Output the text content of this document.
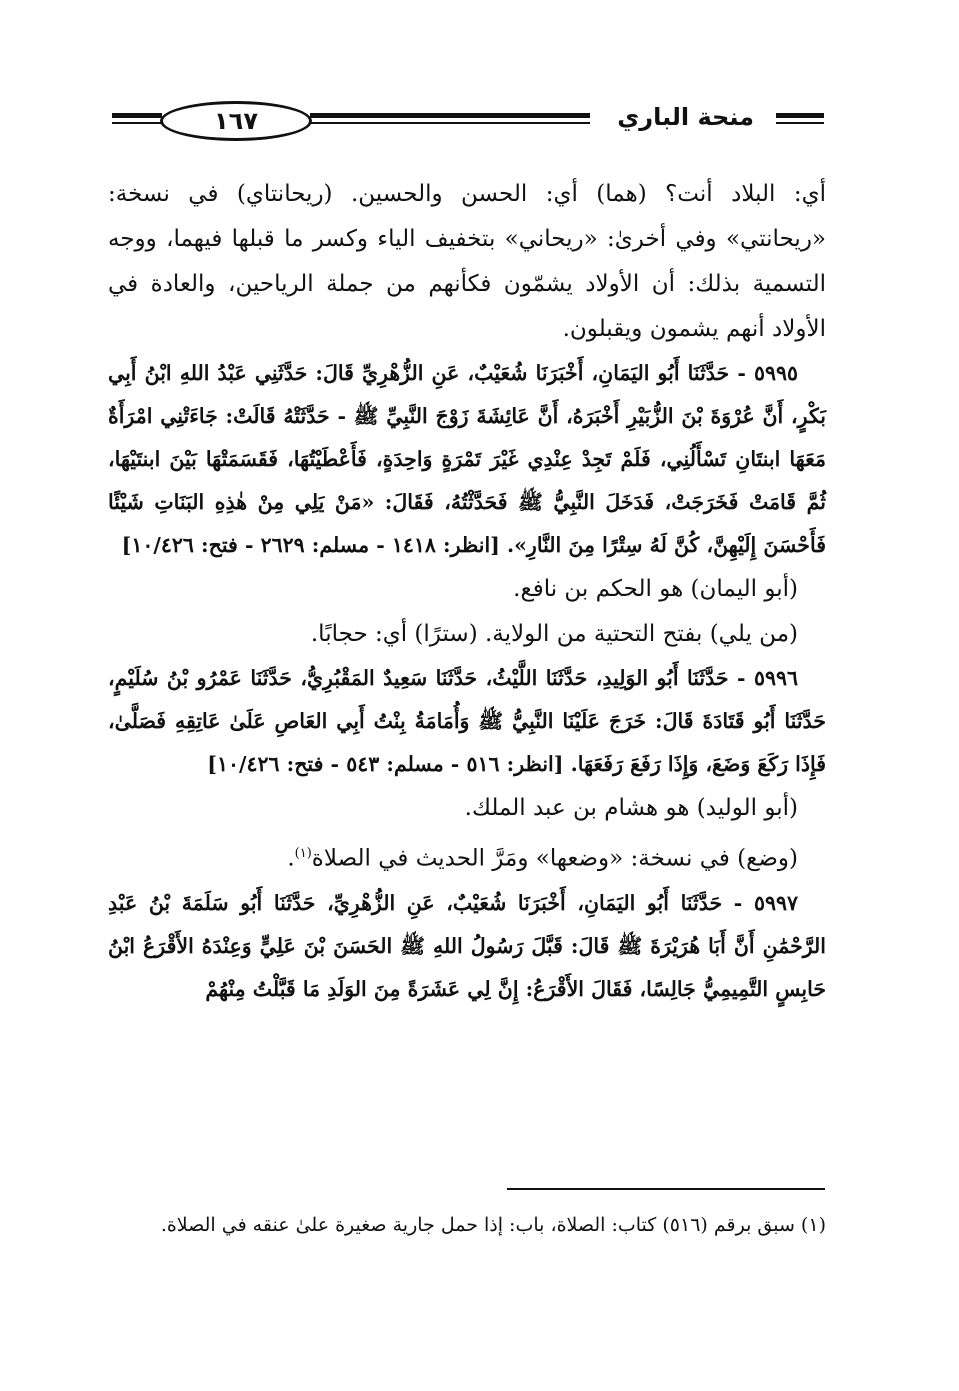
١٦٧	منحة الباري

أي: البلاد أنت؟ (هما) أي: الحسن والحسين. (ريحانتاي) في نسخة: «ريحانتي» وفي أخرىٰ: «ريحاني» بتخفيف الياء وكسر ما قبلها فيهما، ووجه التسمية بذلك: أن الأولاد يشمّون فكأنهم من جملة الرياحين، والعادة في الأولاد أنهم يشمون ويقبلون.

٥٩٩٥ - حَدَّثَنَا أَبُو اليَمَانِ، أَخْبَرَنَا شُعَيْبٌ، عَنِ الزُّهْرِيِّ قَالَ: حَدَّثَنِي عَبْدُ اللهِ ابْنُ أَبِي بَكْرٍ، أَنَّ عُرْوَةَ بْنَ الزُّبَيْرِ أَخْبَرَهُ، أَنَّ عَائِشَةَ زَوْجَ النَّبِيِّ ﷺ - حَدَّثَتْهُ قَالَتْ: جَاءَتْنِي امْرَأَةٌ مَعَهَا ابنتَانِ تَسْأَلُنِي، فَلَمْ تَجِدْ عِنْدِي غَيْرَ تَمْرَةٍ وَاحِدَةٍ، فَأَعْطَيْتُهَا، فَقَسَمَتْهَا بَيْنَ ابنتَيْهَا، ثُمَّ قَامَتْ فَخَرَجَتْ، فَدَخَلَ النَّبِيُّ ﷺ فَحَدَّثْتُهُ، فَقَالَ: «مَنْ يَلِي مِنْ هٰذِهِ البَنَاتِ شَيْئًا فَأَحْسَنَ إِلَيْهِنَّ، كُنَّ لَهُ سِتْرًا مِنَ النَّارِ». [انظر: ١٤١٨ - مسلم: ٢٦٢٩ - فتح: ١٠/٤٢٦]

(أبو اليمان) هو الحكم بن نافع.

(من يلي) بفتح التحتية من الولاية. (سترًا) أي: حجابًا.

٥٩٩٦ - حَدَّثَنَا أَبُو الوَلِيدِ، حَدَّثَنَا اللَّيْثُ، حَدَّثَنَا سَعِيدٌ المَقْبُرِيُّ، حَدَّثَنَا عَمْرُو بْنُ سُلَيْمٍ، حَدَّثَنَا أَبُو قَتَادَةَ قَالَ: خَرَجَ عَلَيْنَا النَّبِيُّ ﷺ وَأُمَامَةُ بِنْتُ أَبِي العَاصِ عَلَىٰ عَاتِقِهِ فَصَلَّىٰ، فَإِذَا رَكَعَ وَضَعَ، وَإِذَا رَفَعَ رَفَعَهَا. [انظر: ٥١٦ - مسلم: ٥٤٣ - فتح: ١٠/٤٢٦]

(أبو الوليد) هو هشام بن عبد الملك.

(وضع) في نسخة: «وضعها» ومَرَّ الحديث في الصلاة$^{(١)}$.

٥٩٩٧ - حَدَّثَنَا أَبُو اليَمَانِ، أَخْبَرَنَا شُعَيْبٌ، عَنِ الزُّهْرِيِّ، حَدَّثَنَا أَبُو سَلَمَةَ بْنُ عَبْدِ الرَّحْمَٰنِ أَنَّ أَبَا هُرَيْرَةَ ﷺ قَالَ: قَبَّلَ رَسُولُ اللهِ ﷺ الحَسَنَ بْنَ عَلِيٍّ وَعِنْدَهُ الأَقْرَعُ ابْنُ حَابِسٍ التَّمِيمِيُّ جَالِسًا، فَقَالَ الأَقْرَعُ: إِنَّ لِي عَشَرَةً مِنَ الوَلَدِ مَا قَبَّلْتُ مِنْهُمْ

(١) سبق برقم (٥١٦) كتاب: الصلاة، باب: إذا حمل جارية صغيرة علىٰ عنقه في الصلاة.
